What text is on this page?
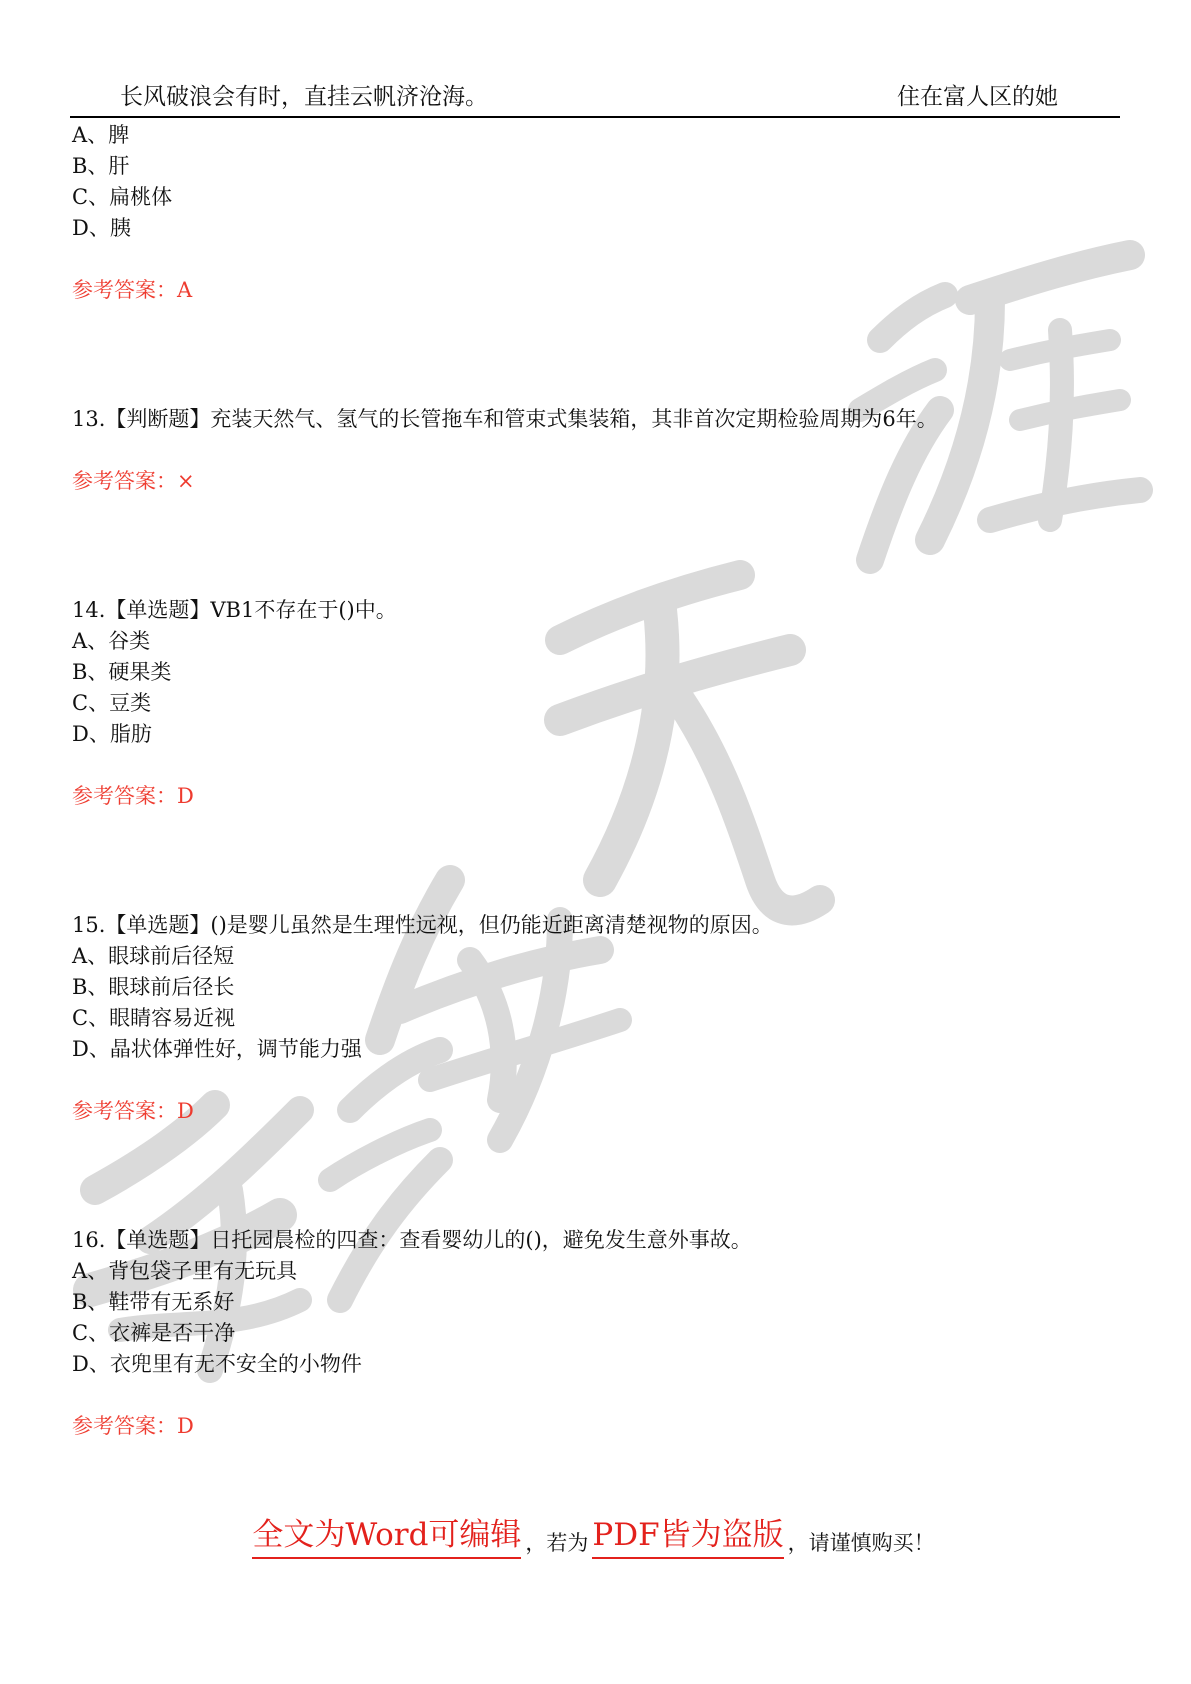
长风破浪会有时，直挂云帆济沧海。	住在富人区的她
A、脾
B、肝
C、扁桃体
D、胰
参考答案：A
13.【判断题】充装天然气、氢气的长管拖车和管束式集装箱，其非首次定期检验周期为6年。
参考答案：×
14.【单选题】VB1不存在于()中。
A、谷类
B、硬果类
C、豆类
D、脂肪
参考答案：D
15.【单选题】()是婴儿虽然是生理性远视，但仍能近距离清楚视物的原因。
A、眼球前后径短
B、眼球前后径长
C、眼睛容易近视
D、晶状体弹性好，调节能力强
参考答案：D
16.【单选题】日托园晨检的四查：查看婴幼儿的()，避免发生意外事故。
A、背包袋子里有无玩具
B、鞋带有无系好
C、衣裤是否干净
D、衣兜里有无不安全的小物件
参考答案：D
全文为Word可编辑 ，若为 PDF皆为盗版 ，请谨慎购买！
